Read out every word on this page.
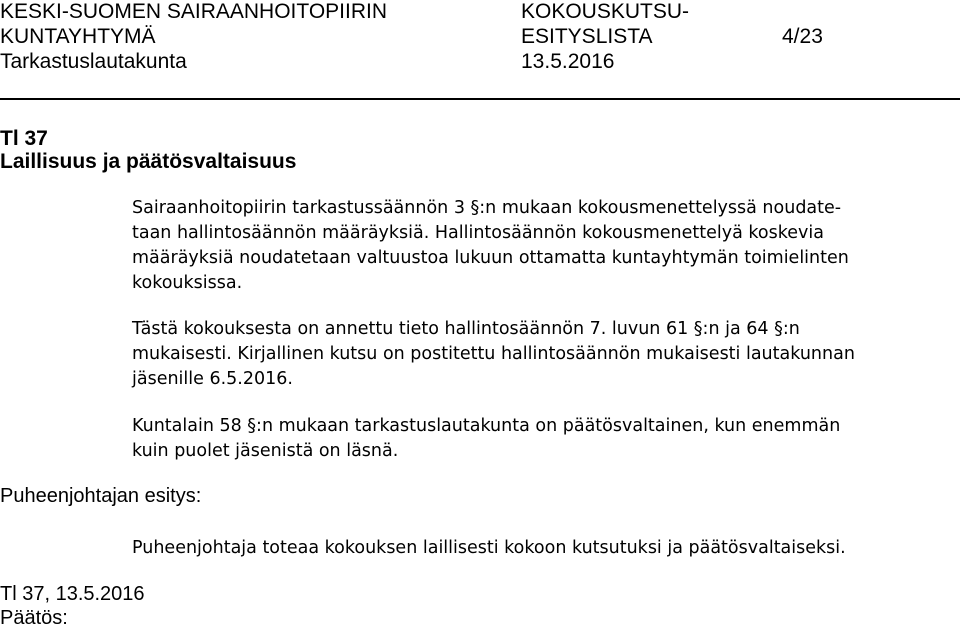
KESKI-SUOMEN SAIRAANHOITOPIIRIN
KUNTAYHTYMÄ
Tarkastuslautakunta
KOKOUSKUTSU-
ESITYSLISTA
13.5.2016
4/23
Tl 37
Laillisuus ja päätösvaltaisuus
Sairaanhoitopiirin tarkastussäännön 3 §:n mukaan kokousmenettelyssä noudate-
taan hallintosäännön määräyksiä. Hallintosäännön kokousmenettelyä koskevia
määräyksiä noudatetaan valtuustoa lukuun ottamatta kuntayhtymän toimielinten
kokouksissa.
Tästä kokouksesta on annettu tieto hallintosäännön 7. luvun 61 §:n ja 64 §:n
mukaisesti. Kirjallinen kutsu on postitettu hallintosäännön mukaisesti lautakunnan
jäsenille 6.5.2016.
Kuntalain 58 §:n mukaan tarkastuslautakunta on päätösvaltainen, kun enemmän
kuin puolet jäsenistä on läsnä.
Puheenjohtajan esitys:
Puheenjohtaja toteaa kokouksen laillisesti kokoon kutsutuksi ja päätösvaltaiseksi.
Tl 37, 13.5.2016
Päätös:
